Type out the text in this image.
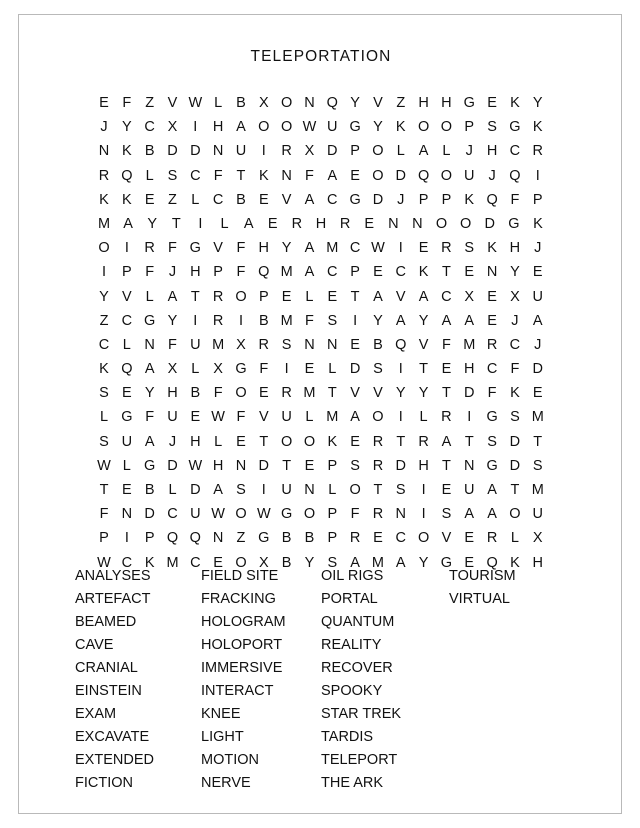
TELEPORTATION
E F Z V W L B X O N Q Y V Z H H G E K Y
J Y C X	I	H A O O W U G Y K O O P S G K
N K B D D N U	I	R X D P O L A L	J H C R
R Q L S C F T K N F A E O D Q O U J Q	I
K K E Z L C B E V A C G D J P P K Q F P
M A Y	T	I	L	A E R H R E N N O O D G K
O	I	R F G V F H Y A M C W I	E R S K H J
I	P F	J H P F Q M A C P E C K T E N Y E
Y V L A T R O P E L E T A V A C X E X U
Z C G Y	I	R	I	B M F S	I	Y A Y A A E J A
C L N F U M X R S N N E B Q V F M R C J
K Q A X L X G F	I	E L D S	I	T E H C F D
S E Y H B F O E R M T V V Y Y T D F K E
L G F U E W F V U L M A O	I	L R	I	G S M
S U A J H L E T O O K E R T R A T S D T
W L G D W H N D T E P S R D H T N G D S
T E B L D A S	I	U N L O T S	I	E U A T M
F N D C U W O W G O P F R N	I	S A A O U
P	I	P Q Q N Z G B B P R E C O V E R L X
W C K M C E O X B Y S A M A Y G E Q K H
ANALYSES
ARTEFACT
BEAMED
CAVE
CRANIAL
EINSTEIN
EXAM
EXCAVATE
EXTENDED
FICTION
FIELD SITE
FRACKING
HOLOGRAM
HOLOPORT
IMMERSIVE
INTERACT
KNEE
LIGHT
MOTION
NERVE
OIL RIGS
PORTAL
QUANTUM
REALITY
RECOVER
SPOOKY
STAR TREK
TARDIS
TELEPORT
THE ARK
TOURISM
VIRTUAL
